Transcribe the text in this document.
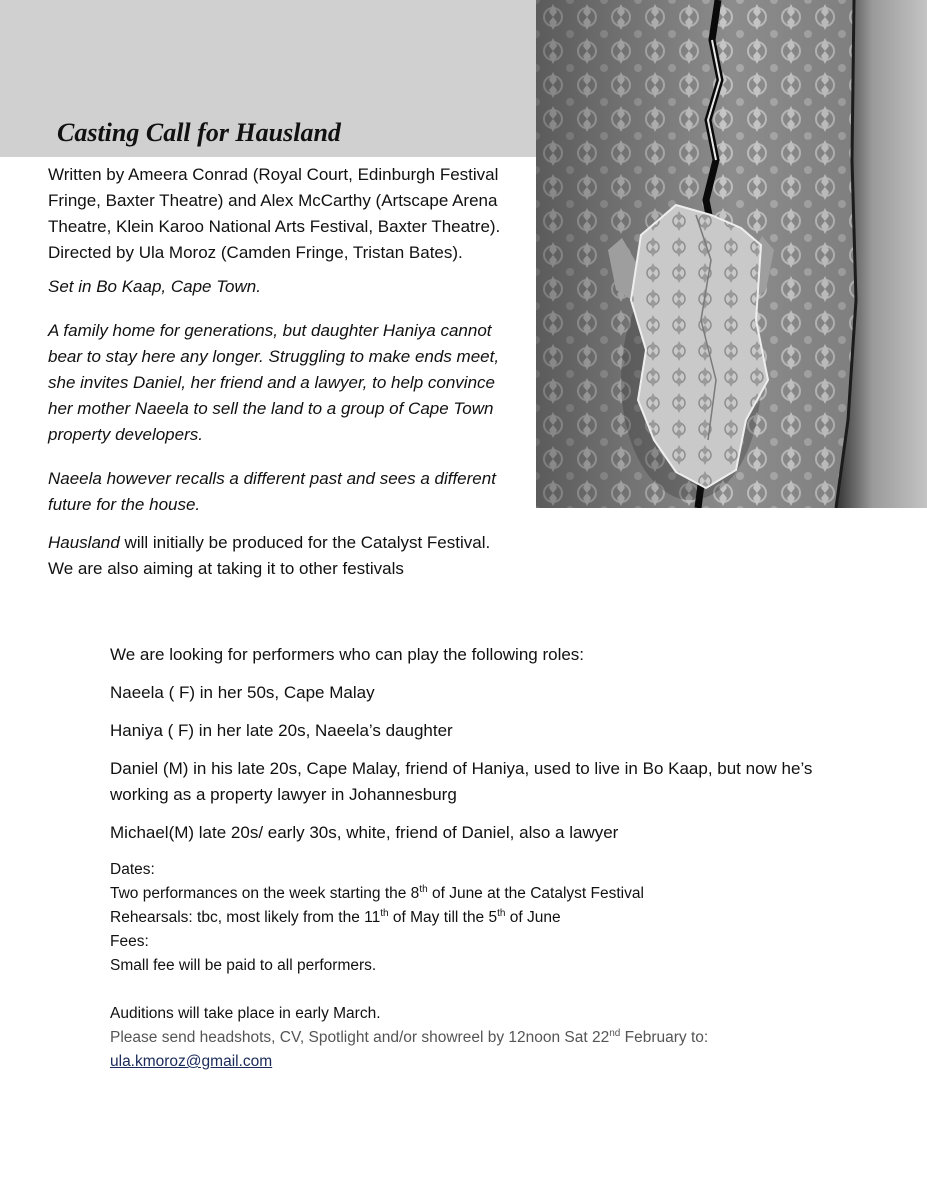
Casting Call for Hausland

Written by Ameera Conrad (Royal Court, Edinburgh Festival Fringe, Baxter Theatre) and Alex McCarthy (Artscape Arena Theatre, Klein Karoo National Arts Festival, Baxter Theatre). Directed by Ula Moroz (Camden Fringe, Tristan Bates).

Set in Bo Kaap, Cape Town.

A family home for generations, but daughter Haniya cannot bear to stay here any longer. Struggling to make ends meet, she invites Daniel, her friend and a lawyer, to help convince her mother Naeela to sell the land to a group of Cape Town property developers.

Naeela however recalls a different past and sees a different future for the house.

Hausland will initially be produced for the Catalyst Festival. We are also aiming at taking it to other festivals

We are looking for performers who can play the following roles:

Naeela ( F) in her 50s, Cape Malay

Haniya ( F) in her late 20s, Naeela’s daughter

Daniel (M) in his late 20s, Cape Malay, friend of Haniya, used to live in Bo Kaap, but now he’s working as a property lawyer in Johannesburg

Michael(M) late 20s/ early 30s, white, friend of Daniel, also a lawyer

Dates:

Two performances on the week starting the 8th of June at the Catalyst Festival

Rehearsals: tbc, most likely from the 11th of May till the 5th of June

Fees:

Small fee will be paid to all performers.

Auditions will take place in early March.

Please send headshots, CV, Spotlight and/or showreel by 12noon Sat 22nd February to:

ula.kmoroz@gmail.com
